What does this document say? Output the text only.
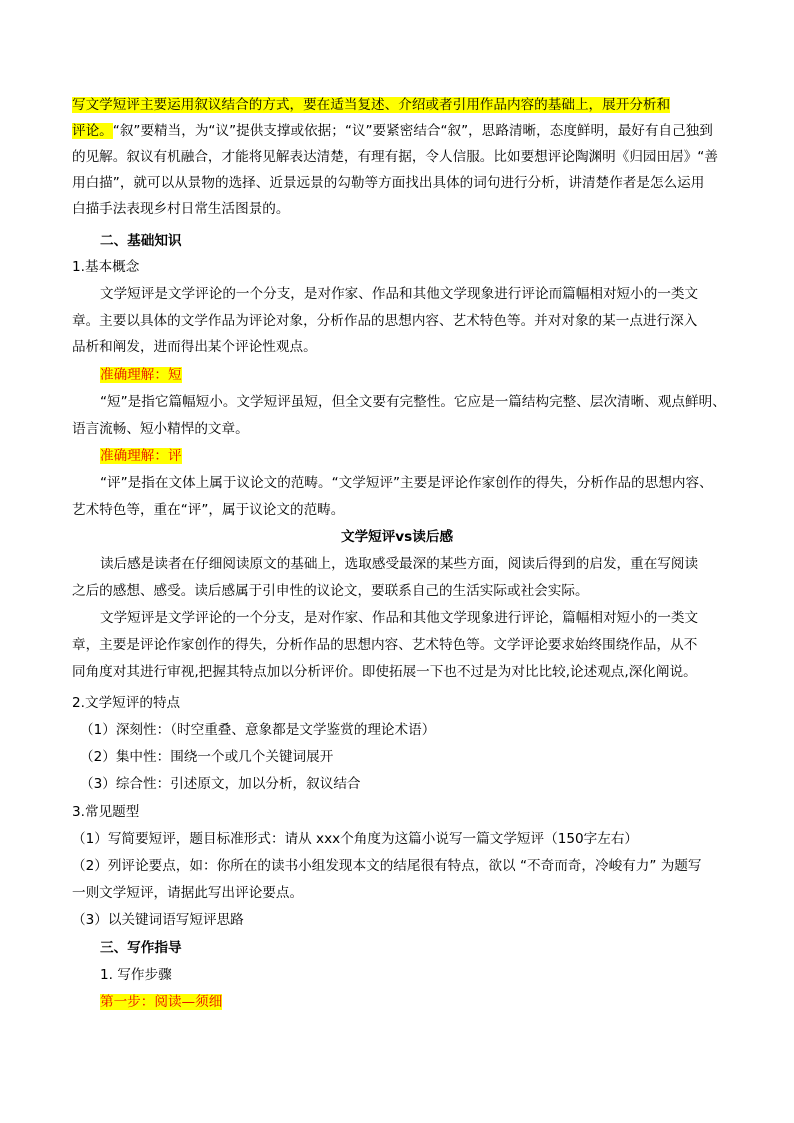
写文学短评主要运用叙议结合的方式，要在适当复述、介绍或者引用作品内容的基础上，展开分析和
评论。“叙”要精当，为“议”提供支撑或依据；“议”要紧密结合“叙”，思路清晰，态度鲜明，最好有自己独到
的见解。叙议有机融合，才能将见解表达清楚，有理有据，令人信服。比如要想评论陶渊明《归园田居》“善
用白描”，就可以从景物的选择、近景远景的勾勒等方面找出具体的词句进行分析，讲清楚作者是怎么运用
白描手法表现乡村日常生活图景的。
二、基础知识
1.基本概念
文学短评是文学评论的一个分支，是对作家、作品和其他文学现象进行评论而篇幅相对短小的一类文
章。主要以具体的文学作品为评论对象，分析作品的思想内容、艺术特色等。并对对象的某一点进行深入
品析和阐发，进而得出某个评论性观点。
准确理解：短
“短”是指它篇幅短小。文学短评虽短，但全文要有完整性。它应是一篇结构完整、层次清晰、观点鲜明、
语言流畅、短小精悍的文章。
准确理解：评
“评”是指在文体上属于议论文的范畴。“文学短评”主要是评论作家创作的得失，分析作品的思想内容、
艺术特色等，重在“评”，属于议论文的范畴。
文学短评vs读后感
读后感是读者在仔细阅读原文的基础上，选取感受最深的某些方面，阅读后得到的启发，重在写阅读
之后的感想、感受。读后感属于引申性的议论文，要联系自己的生活实际或社会实际。
文学短评是文学评论的一个分支，是对作家、作品和其他文学现象进行评论，篇幅相对短小的一类文
章，主要是评论作家创作的得失，分析作品的思想内容、艺术特色等。文学评论要求始终围绕作品，从不
同角度对其进行审视,把握其特点加以分析评价。即使拓展一下也不过是为对比比较,论述观点,深化阐说。
2.文学短评的特点
（1）深刻性：（时空重叠、意象都是文学鉴赏的理论术语）
（2）集中性：围绕一个或几个关键词展开
（3）综合性：引述原文，加以分析，叙议结合
3.常见题型
（1）写简要短评，题目标准形式：请从 xxx个角度为这篇小说写一篇文学短评（150字左右）
（2）列评论要点，如：你所在的读书小组发现本文的结尾很有特点，欲以 “不奇而奇，冷峻有力” 为题写
一则文学短评，请据此写出评论要点。
（3）以关键词语写短评思路
三、写作指导
1. 写作步骤
第一步：阅读—须细
